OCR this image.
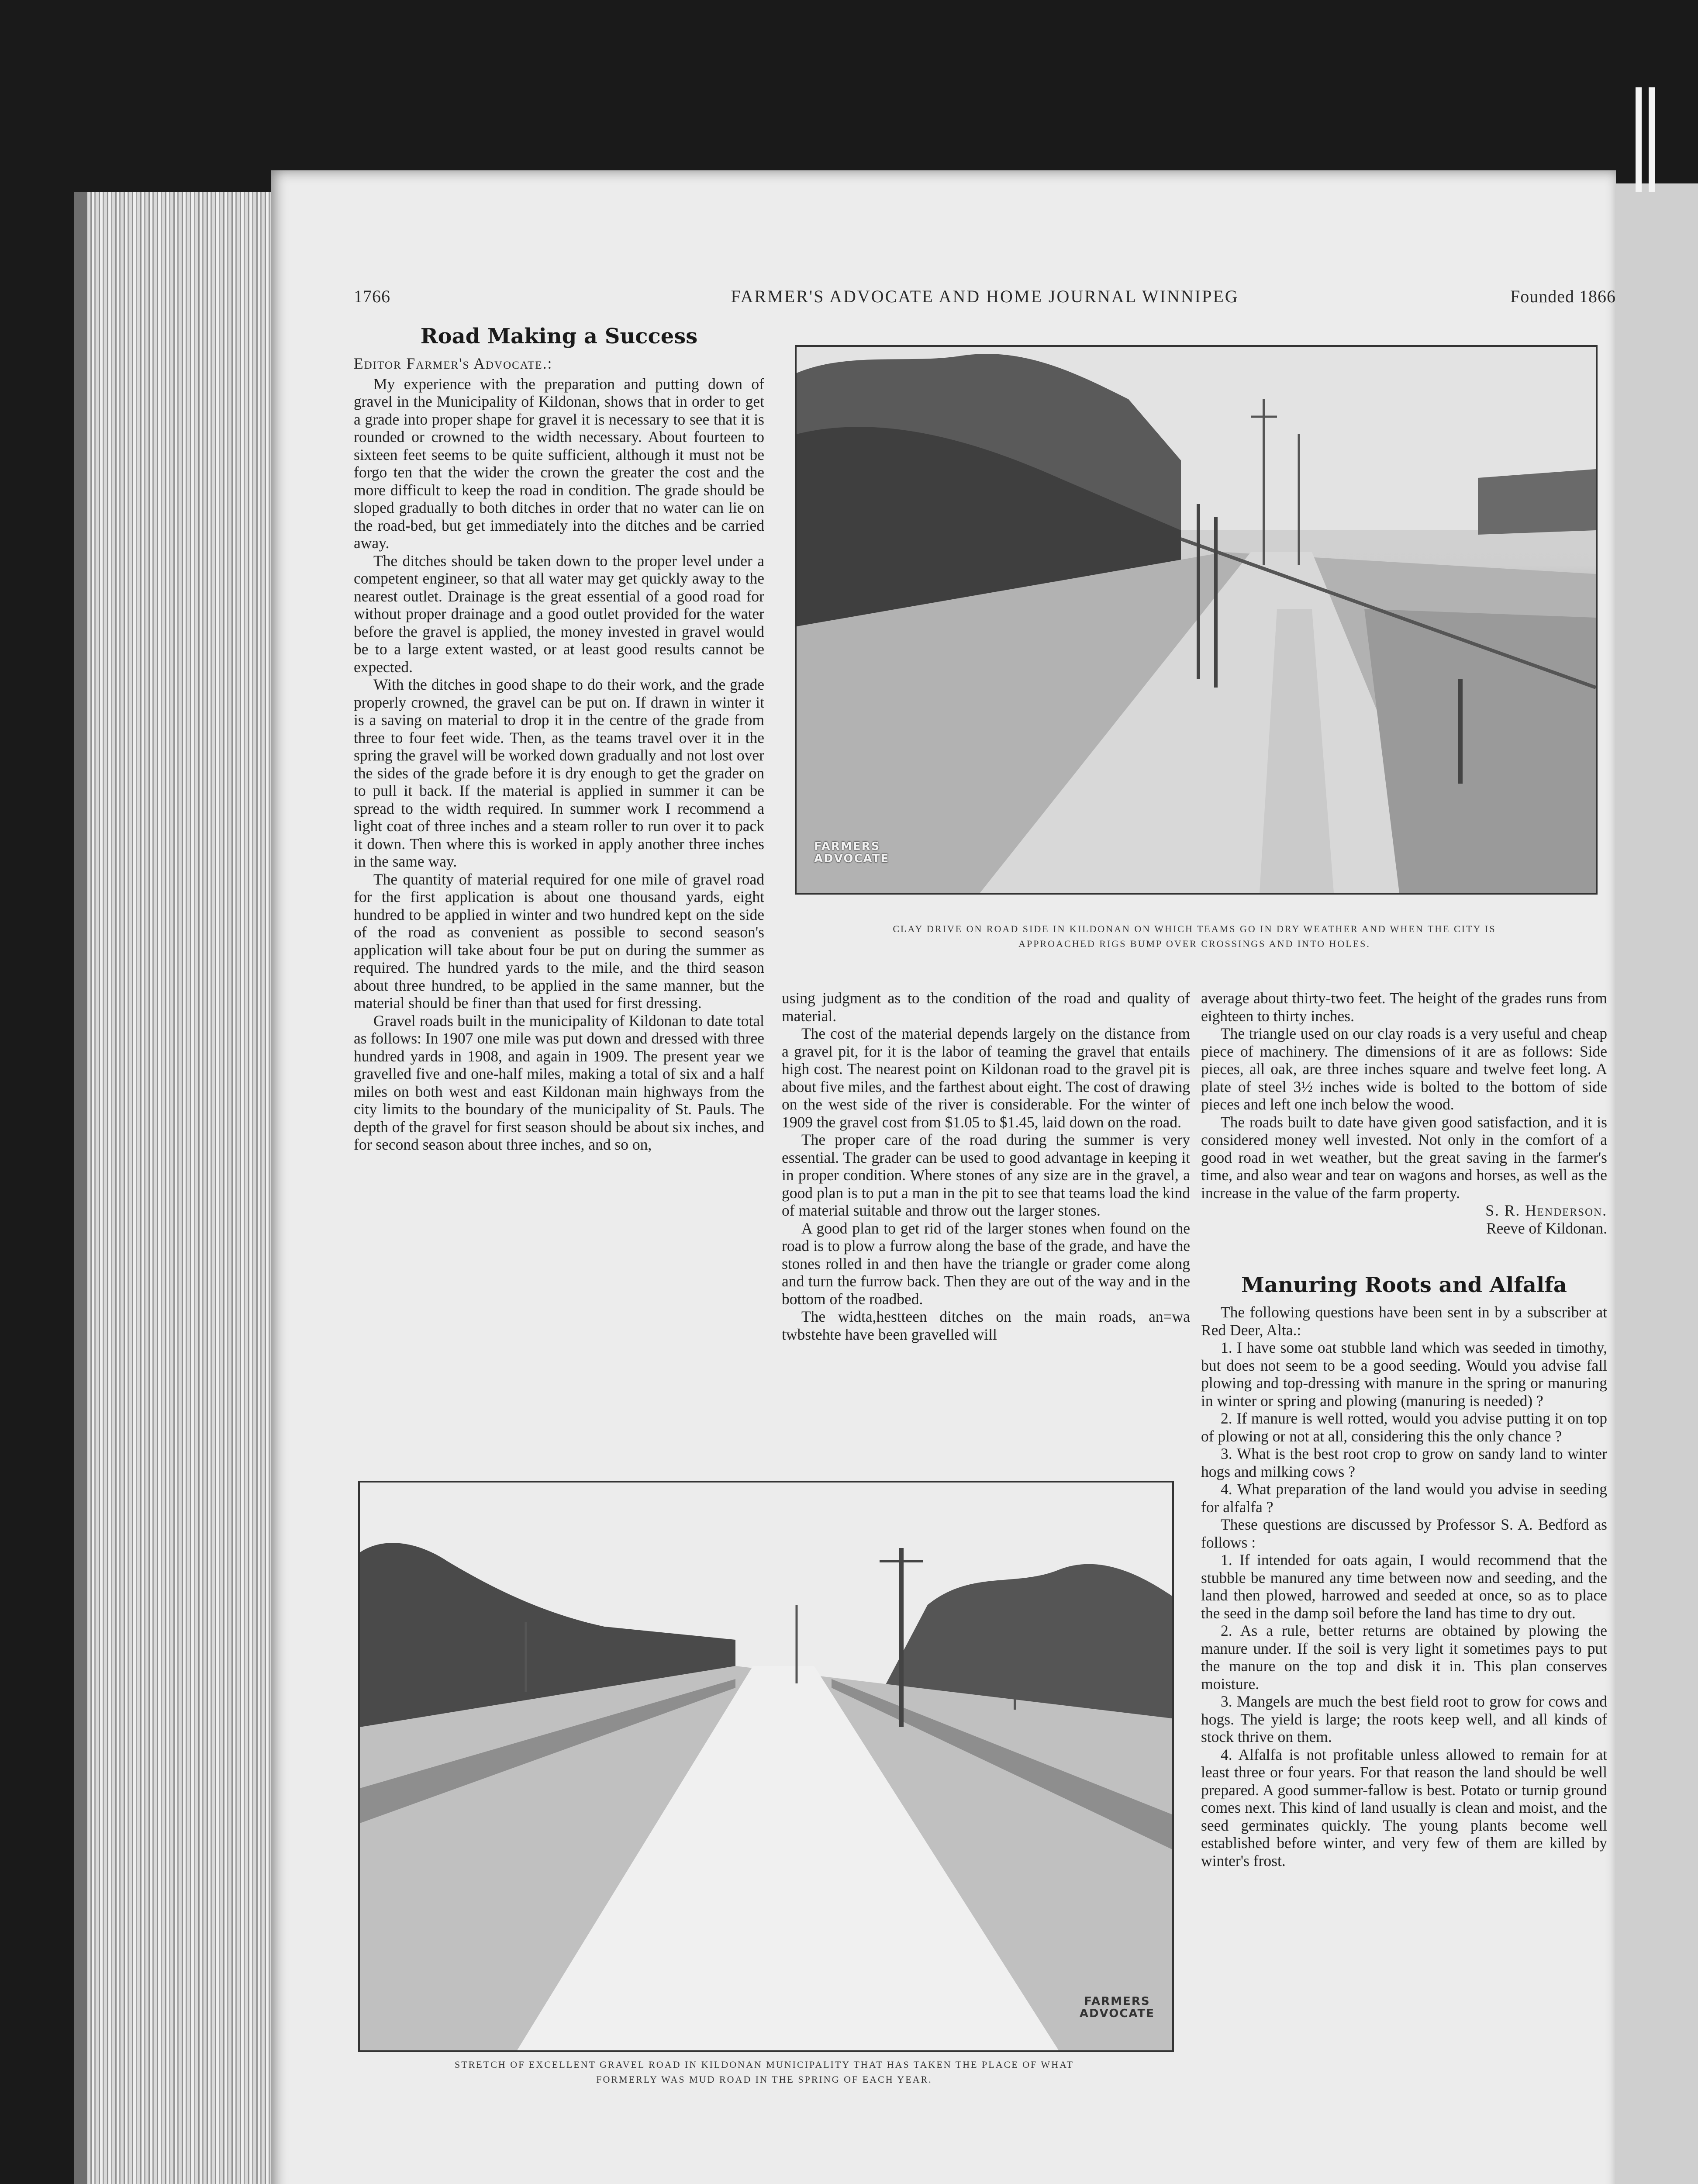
1766	FARMER'S ADVOCATE AND HOME JOURNAL WINNIPEG	Founded 1866
Road Making a Success

Editor Farmer's Advocate.:

My experience with the preparation and putting down of gravel in the Municipality of Kildonan, shows that in order to get a grade into proper shape for gravel it is necessary to see that it is rounded or crowned to the width necessary. About fourteen to sixteen feet seems to be quite sufficient, although it must not be forgo ten that the wider the crown the greater the cost and the more difficult to keep the road in condition. The grade should be sloped gradually to both ditches in order that no water can lie on the road-bed, but get immediately into the ditches and be carried away.

The ditches should be taken down to the proper level under a competent engineer, so that all water may get quickly away to the nearest outlet. Drainage is the great essential of a good road for without proper drainage and a good outlet provided for the water before the gravel is applied, the money invested in gravel would be to a large extent wasted, or at least good results cannot be expected.

With the ditches in good shape to do their work, and the grade properly crowned, the gravel can be put on. If drawn in winter it is a saving on material to drop it in the centre of the grade from three to four feet wide. Then, as the teams travel over it in the spring the gravel will be worked down gradually and not lost over the sides of the grade before it is dry enough to get the grader on to pull it back. If the material is applied in summer it can be spread to the width required. In summer work I recommend a light coat of three inches and a steam roller to run over it to pack it down. Then where this is worked in apply another three inches in the same way.

The quantity of material required for one mile of gravel road for the first application is about one thousand yards, eight hundred to be applied in winter and two hundred kept on the side of the road as convenient as possible to second season's application will take about four be put on during the summer as required. The hundred yards to the mile, and the third season about three hundred, to be applied in the same manner, but the material should be finer than that used for first dressing.

Gravel roads built in the municipality of Kildonan to date total as follows: In 1907 one mile was put down and dressed with three hundred yards in 1908, and again in 1909. The present year we gravelled five and one-half miles, making a total of six and a half miles on both west and east Kildonan main highways from the city limits to the boundary of the municipality of St. Pauls. The depth of the gravel for first season should be about six inches, and for second season about three inches, and so on,

FARMERS
ADVOCATE
CLAY DRIVE ON ROAD SIDE IN KILDONAN ON WHICH TEAMS GO IN DRY WEATHER AND WHEN THE CITY IS
APPROACHED RIGS BUMP OVER CROSSINGS AND INTO HOLES.

using judgment as to the condition of the road and quality of material.

The cost of the material depends largely on the distance from a gravel pit, for it is the labor of teaming the gravel that entails high cost. The nearest point on Kildonan road to the gravel pit is about five miles, and the farthest about eight. The cost of drawing on the west side of the river is considerable. For the winter of 1909 the gravel cost from $1.05 to $1.45, laid down on the road.

The proper care of the road during the summer is very essential. The grader can be used to good advantage in keeping it in proper condition. Where stones of any size are in the gravel, a good plan is to put a man in the pit to see that teams load the kind of material suitable and throw out the larger stones.

A good plan to get rid of the larger stones when found on the road is to plow a furrow along the base of the grade, and have the stones rolled in and then have the triangle or grader come along and turn the furrow back. Then they are out of the way and in the bottom of the roadbed.

The widta,hestteen ditches on the main roads, an=wa twbstehte have been gravelled will

average about thirty-two feet. The height of the grades runs from eighteen to thirty inches.

The triangle used on our clay roads is a very useful and cheap piece of machinery. The dimensions of it are as follows: Side pieces, all oak, are three inches square and twelve feet long. A plate of steel 3½ inches wide is bolted to the bottom of side pieces and left one inch below the wood.

The roads built to date have given good satisfaction, and it is considered money well invested. Not only in the comfort of a good road in wet weather, but the great saving in the farmer's time, and also wear and tear on wagons and horses, as well as the increase in the value of the farm property.

S. R. Henderson.

Reeve of Kildonan.

Manuring Roots and Alfalfa

The following questions have been sent in by a subscriber at Red Deer, Alta.:

1. I have some oat stubble land which was seeded in timothy, but does not seem to be a good seeding. Would you advise fall plowing and top-dressing with manure in the spring or manuring in winter or spring and plowing (manuring is needed) ?

2. If manure is well rotted, would you advise putting it on top of plowing or not at all, considering this the only chance ?

3. What is the best root crop to grow on sandy land to winter hogs and milking cows ?

4. What preparation of the land would you advise in seeding for alfalfa ?

These questions are discussed by Professor S. A. Bedford as follows :

1. If intended for oats again, I would recommend that the stubble be manured any time between now and seeding, and the land then plowed, harrowed and seeded at once, so as to place the seed in the damp soil before the land has time to dry out.

2. As a rule, better returns are obtained by plowing the manure under. If the soil is very light it sometimes pays to put the manure on the top and disk it in. This plan conserves moisture.

3. Mangels are much the best field root to grow for cows and hogs. The yield is large; the roots keep well, and all kinds of stock thrive on them.

4. Alfalfa is not profitable unless allowed to remain for at least three or four years. For that reason the land should be well prepared. A good summer-fallow is best. Potato or turnip ground comes next. This kind of land usually is clean and moist, and the seed germinates quickly. The young plants become well established before winter, and very few of them are killed by winter's frost.

FARMERS
ADVOCATE
STRETCH OF EXCELLENT GRAVEL ROAD IN KILDONAN MUNICIPALITY THAT HAS TAKEN THE PLACE OF WHAT
FORMERLY WAS MUD ROAD IN THE SPRING OF EACH YEAR.
